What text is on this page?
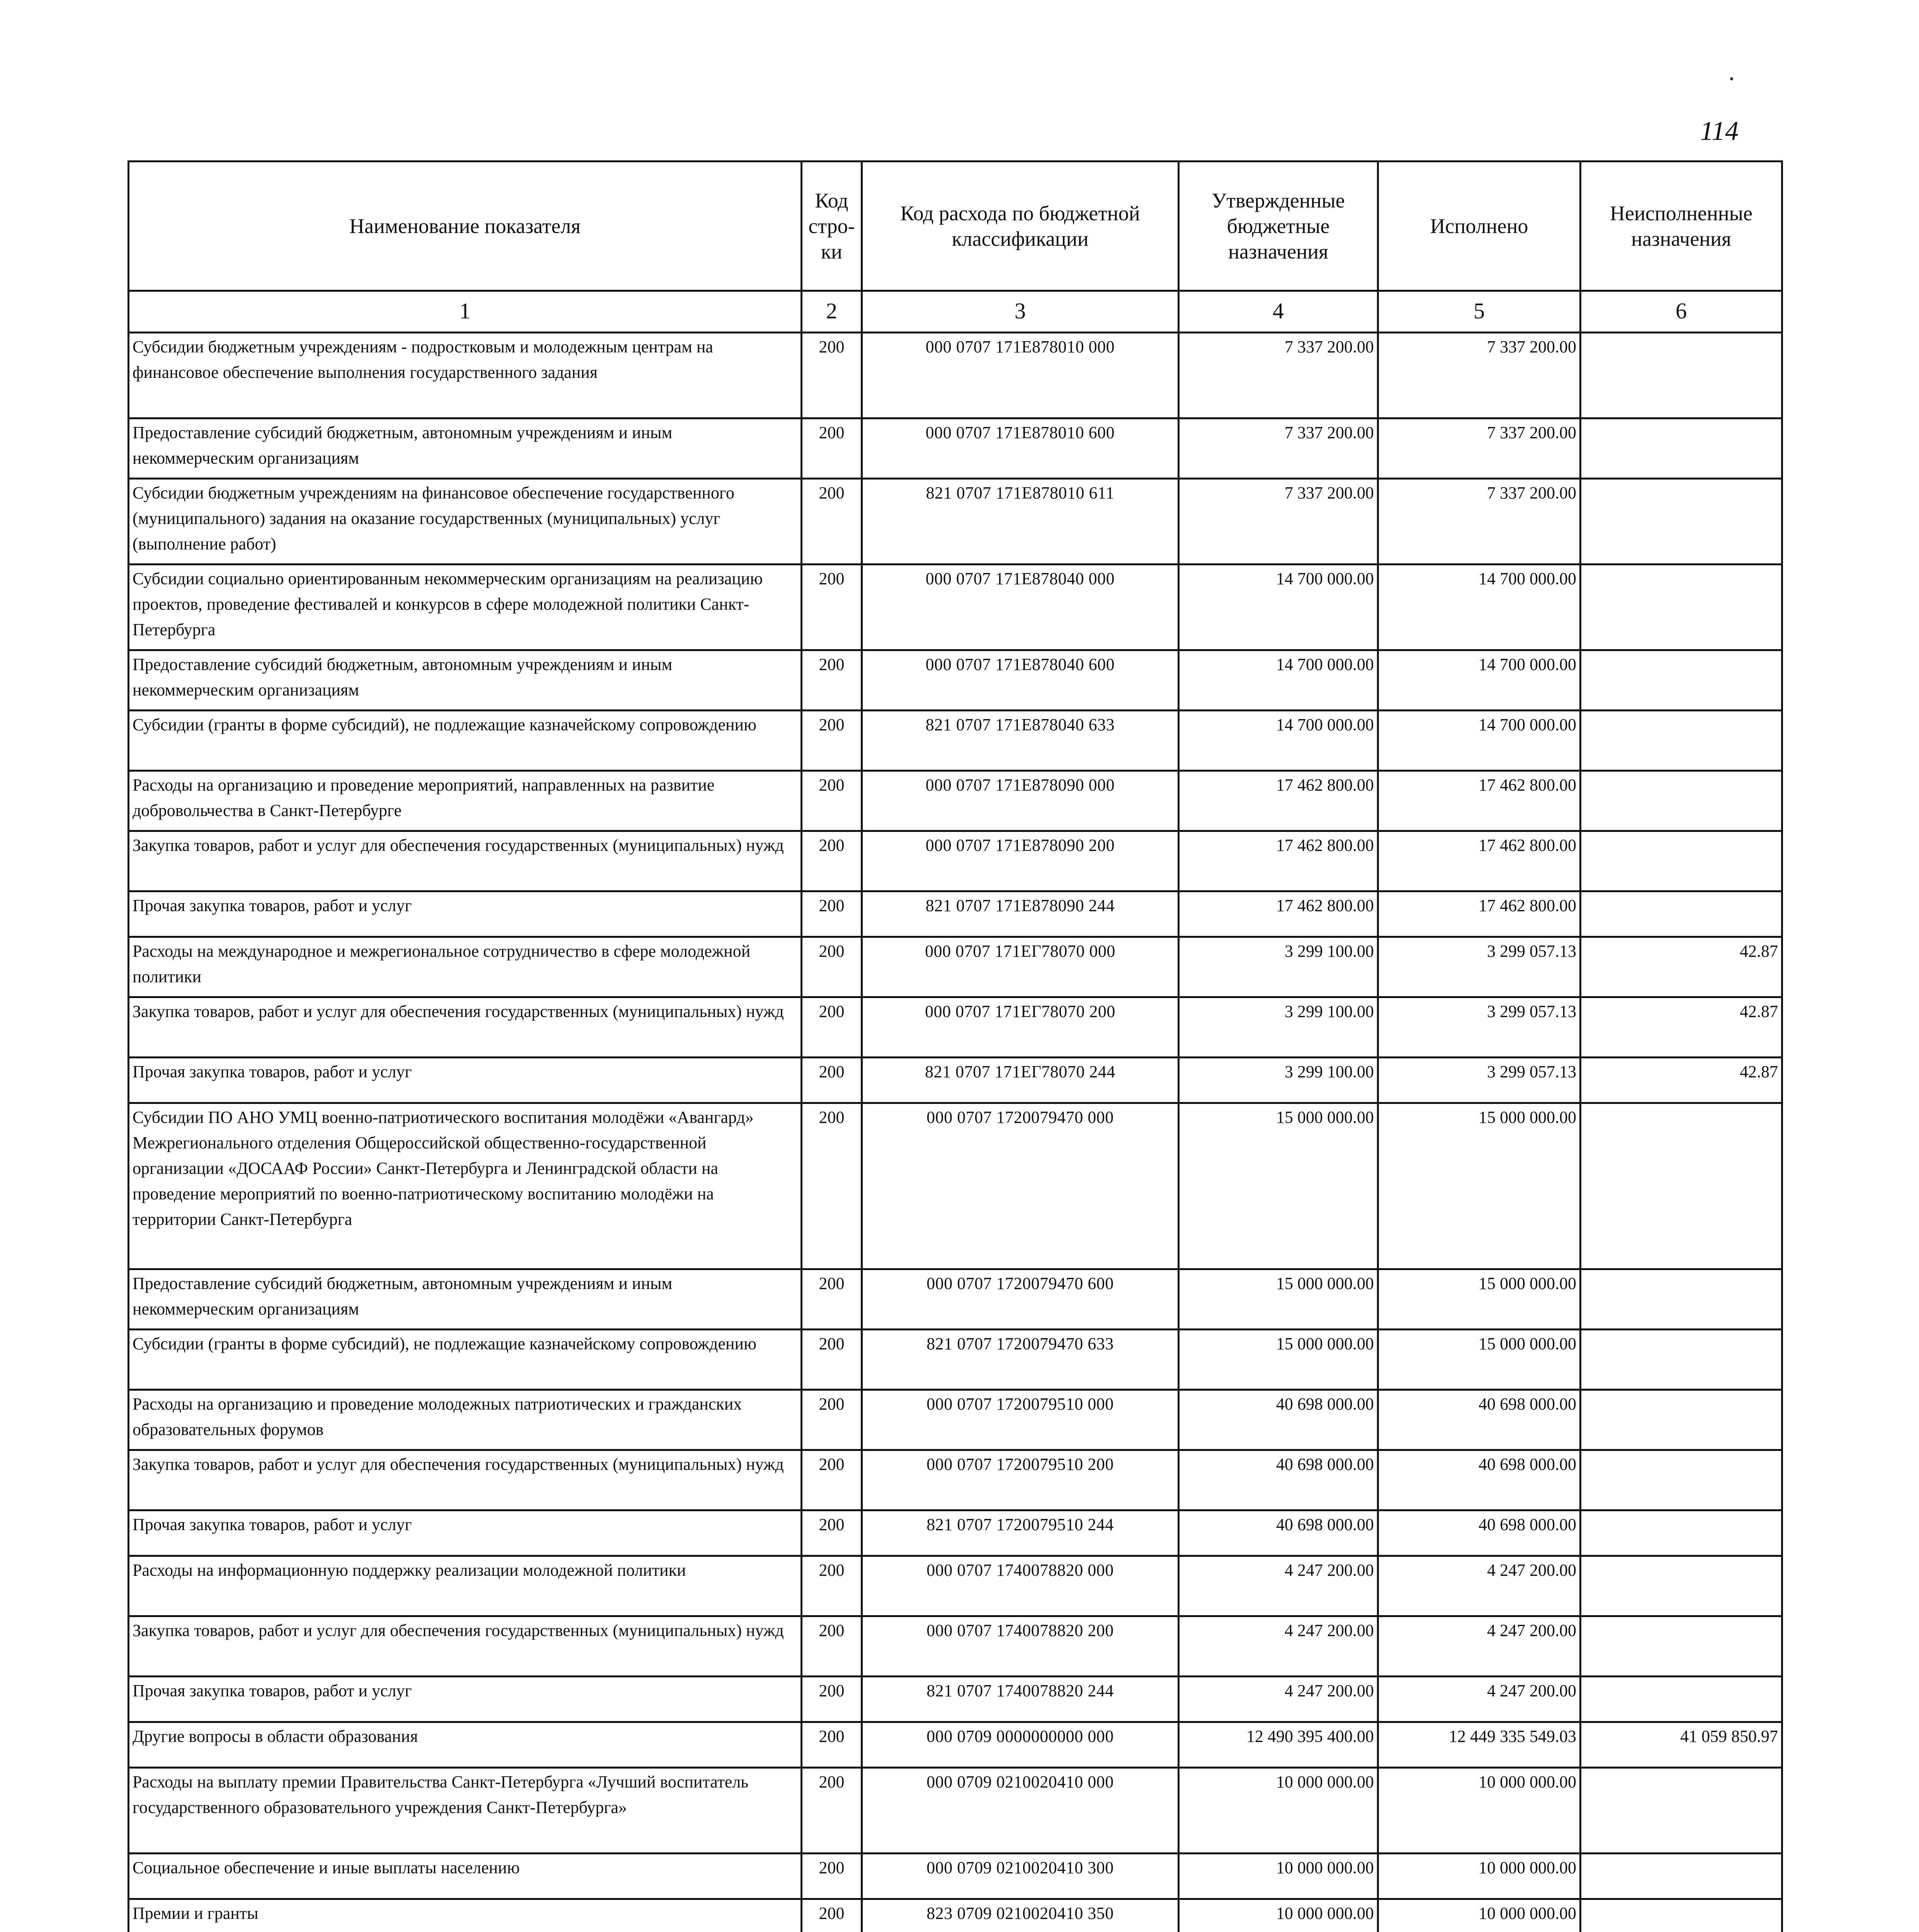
114
Наименование показателя	Код стро-ки	Код расхода по бюджетной классификации	Утвержденные бюджетные назначения	Исполнено	Неисполненные назначения
1	2	3	4	5	6
Субсидии бюджетным учреждениям - подростковым и молодежным центрам на финансовое обеспечение выполнения государственного задания	200	000 0707 171Е878010 000	7 337 200.00	7 337 200.00	
Предоставление субсидий бюджетным, автономным учреждениям и иным некоммерческим организациям	200	000 0707 171Е878010 600	7 337 200.00	7 337 200.00	
Субсидии бюджетным учреждениям на финансовое обеспечение государственного (муниципального) задания на оказание государственных (муниципальных) услуг (выполнение работ)	200	821 0707 171Е878010 611	7 337 200.00	7 337 200.00	
Субсидии социально ориентированным некоммерческим организациям на реализацию проектов, проведение фестивалей и конкурсов в сфере молодежной политики Санкт-Петербурга	200	000 0707 171Е878040 000	14 700 000.00	14 700 000.00	
Предоставление субсидий бюджетным, автономным учреждениям и иным некоммерческим организациям	200	000 0707 171Е878040 600	14 700 000.00	14 700 000.00	
Субсидии (гранты в форме субсидий), не подлежащие казначейскому сопровождению	200	821 0707 171Е878040 633	14 700 000.00	14 700 000.00	
Расходы на организацию и проведение мероприятий, направленных на развитие добровольчества в Санкт-Петербурге	200	000 0707 171Е878090 000	17 462 800.00	17 462 800.00	
Закупка товаров, работ и услуг для обеспечения государственных (муниципальных) нужд	200	000 0707 171Е878090 200	17 462 800.00	17 462 800.00	
Прочая закупка товаров, работ и услуг	200	821 0707 171Е878090 244	17 462 800.00	17 462 800.00	
Расходы на международное и межрегиональное сотрудничество в сфере молодежной политики	200	000 0707 171ЕГ78070 000	3 299 100.00	3 299 057.13	42.87
Закупка товаров, работ и услуг для обеспечения государственных (муниципальных) нужд	200	000 0707 171ЕГ78070 200	3 299 100.00	3 299 057.13	42.87
Прочая закупка товаров, работ и услуг	200	821 0707 171ЕГ78070 244	3 299 100.00	3 299 057.13	42.87
Субсидии ПО АНО УМЦ военно-патриотического воспитания молодёжи «Авангард» Межрегионального отделения Общероссийской общественно-государственной организации «ДОСААФ России» Санкт-Петербурга и Ленинградской области на проведение мероприятий по военно-патриотическому воспитанию молодёжи на территории Санкт-Петербурга	200	000 0707 1720079470 000	15 000 000.00	15 000 000.00	
Предоставление субсидий бюджетным, автономным учреждениям и иным некоммерческим организациям	200	000 0707 1720079470 600	15 000 000.00	15 000 000.00	
Субсидии (гранты в форме субсидий), не подлежащие казначейскому сопровождению	200	821 0707 1720079470 633	15 000 000.00	15 000 000.00	
Расходы на организацию и проведение молодежных патриотических и гражданских образовательных форумов	200	000 0707 1720079510 000	40 698 000.00	40 698 000.00	
Закупка товаров, работ и услуг для обеспечения государственных (муниципальных) нужд	200	000 0707 1720079510 200	40 698 000.00	40 698 000.00	
Прочая закупка товаров, работ и услуг	200	821 0707 1720079510 244	40 698 000.00	40 698 000.00	
Расходы на информационную поддержку реализации молодежной политики	200	000 0707 1740078820 000	4 247 200.00	4 247 200.00	
Закупка товаров, работ и услуг для обеспечения государственных (муниципальных) нужд	200	000 0707 1740078820 200	4 247 200.00	4 247 200.00	
Прочая закупка товаров, работ и услуг	200	821 0707 1740078820 244	4 247 200.00	4 247 200.00	
Другие вопросы в области образования	200	000 0709 0000000000 000	12 490 395 400.00	12 449 335 549.03	41 059 850.97
Расходы на выплату премии Правительства Санкт-Петербурга «Лучший воспитатель государственного образовательного учреждения Санкт-Петербурга»	200	000 0709 0210020410 000	10 000 000.00	10 000 000.00	
Социальное обеспечение и иные выплаты населению	200	000 0709 0210020410 300	10 000 000.00	10 000 000.00	
Премии и гранты	200	823 0709 0210020410 350	10 000 000.00	10 000 000.00	
